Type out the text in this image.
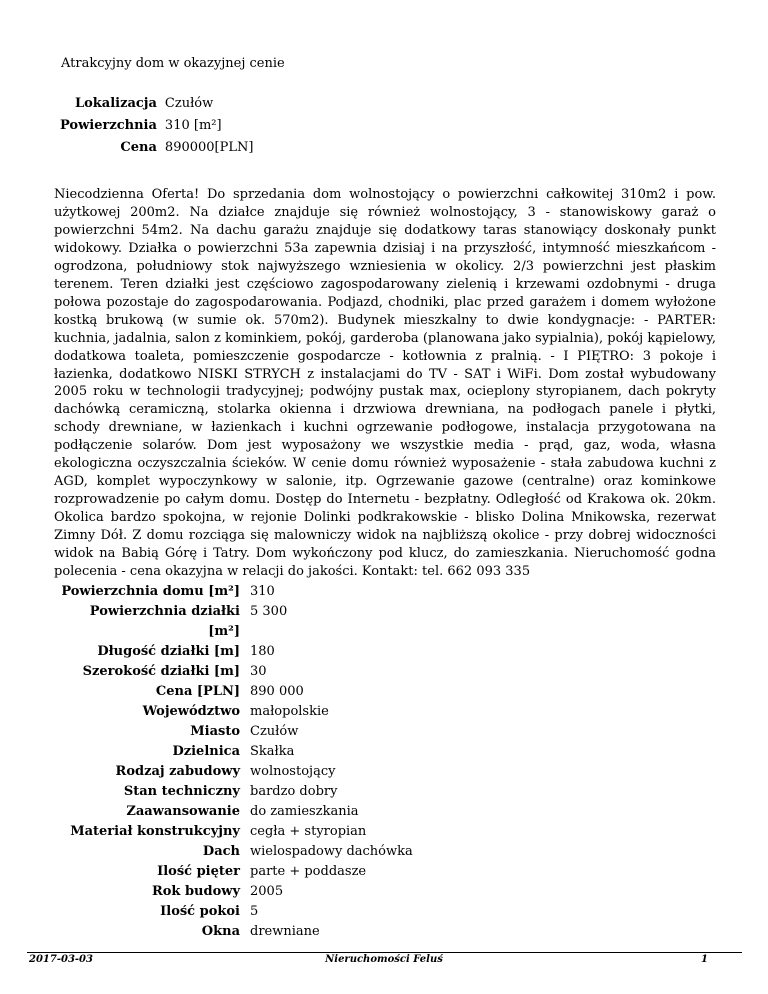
Atrakcyjny dom w okazyjnej cenie
Lokalizacja	Czułów
Powierzchnia	310 [m²]
Cena	890000[PLN]
Niecodzienna Oferta! Do sprzedania dom wolnostojący o powierzchni całkowitej 310m2 i pow. użytkowej 200m2. Na działce znajduje się również wolnostojący, 3 - stanowiskowy garaż o powierzchni 54m2. Na dachu garażu znajduje się dodatkowy taras stanowiący doskonały punkt widokowy. Działka o powierzchni 53a zapewnia dzisiaj i na przyszłość, intymność mieszkańcom - ogrodzona, południowy stok najwyższego wzniesienia w okolicy. 2/3 powierzchni jest płaskim terenem. Teren działki jest częściowo zagospodarowany zielenią i krzewami ozdobnymi - druga połowa pozostaje do zagospodarowania. Podjazd, chodniki, plac przed garażem i domem wyłożone kostką brukową (w sumie ok. 570m2). Budynek mieszkalny to dwie kondygnacje: - PARTER: kuchnia, jadalnia, salon z kominkiem, pokój, garderoba (planowana jako sypialnia), pokój kąpielowy, dodatkowa toaleta, pomieszczenie gospodarcze - kotłownia z pralnią. - I PIĘTRO: 3 pokoje i łazienka, dodatkowo NISKI STRYCH z instalacjami do TV - SAT i WiFi. Dom został wybudowany 2005 roku w technologii tradycyjnej; podwójny pustak max, ocieplony styropianem, dach pokryty dachówką ceramiczną, stolarka okienna i drzwiowa drewniana, na podłogach panele i płytki, schody drewniane, w łazienkach i kuchni ogrzewanie podłogowe, instalacja przygotowana na podłączenie solarów. Dom jest wyposażony we wszystkie media - prąd, gaz, woda, własna ekologiczna oczyszczalnia ścieków. W cenie domu również wyposażenie - stała zabudowa kuchni z AGD, komplet wypoczynkowy w salonie, itp. Ogrzewanie gazowe (centralne) oraz kominkowe rozprowadzenie po całym domu. Dostęp do Internetu - bezpłatny. Odległość od Krakowa ok. 20km. Okolica bardzo spokojna, w rejonie Dolinki podkrakowskie - blisko Dolina Mnikowska, rezerwat Zimny Dół. Z domu rozciąga się malowniczy widok na najbliższą okolice - przy dobrej widoczności widok na Babią Górę i Tatry. Dom wykończony pod klucz, do zamieszkania. Nieruchomość godna polecenia - cena okazyjna w relacji do jakości. Kontakt: tel. 662 093 335
Powierzchnia domu [m²]	310
Powierzchnia działki [m²]	5 300
Długość działki [m]	180
Szerokość działki [m]	30
Cena [PLN]	890 000
Województwo	małopolskie
Miasto	Czułów
Dzielnica	Skałka
Rodzaj zabudowy	wolnostojący
Stan techniczny	bardzo dobry
Zaawansowanie	do zamieszkania
Materiał konstrukcyjny	cegła + styropian
Dach	wielospadowy dachówka
Ilość pięter	parte + poddasze
Rok budowy	2005
Ilość pokoi	5
Okna	drewniane
2017-03-03	Nieruchomości Feluś	1
